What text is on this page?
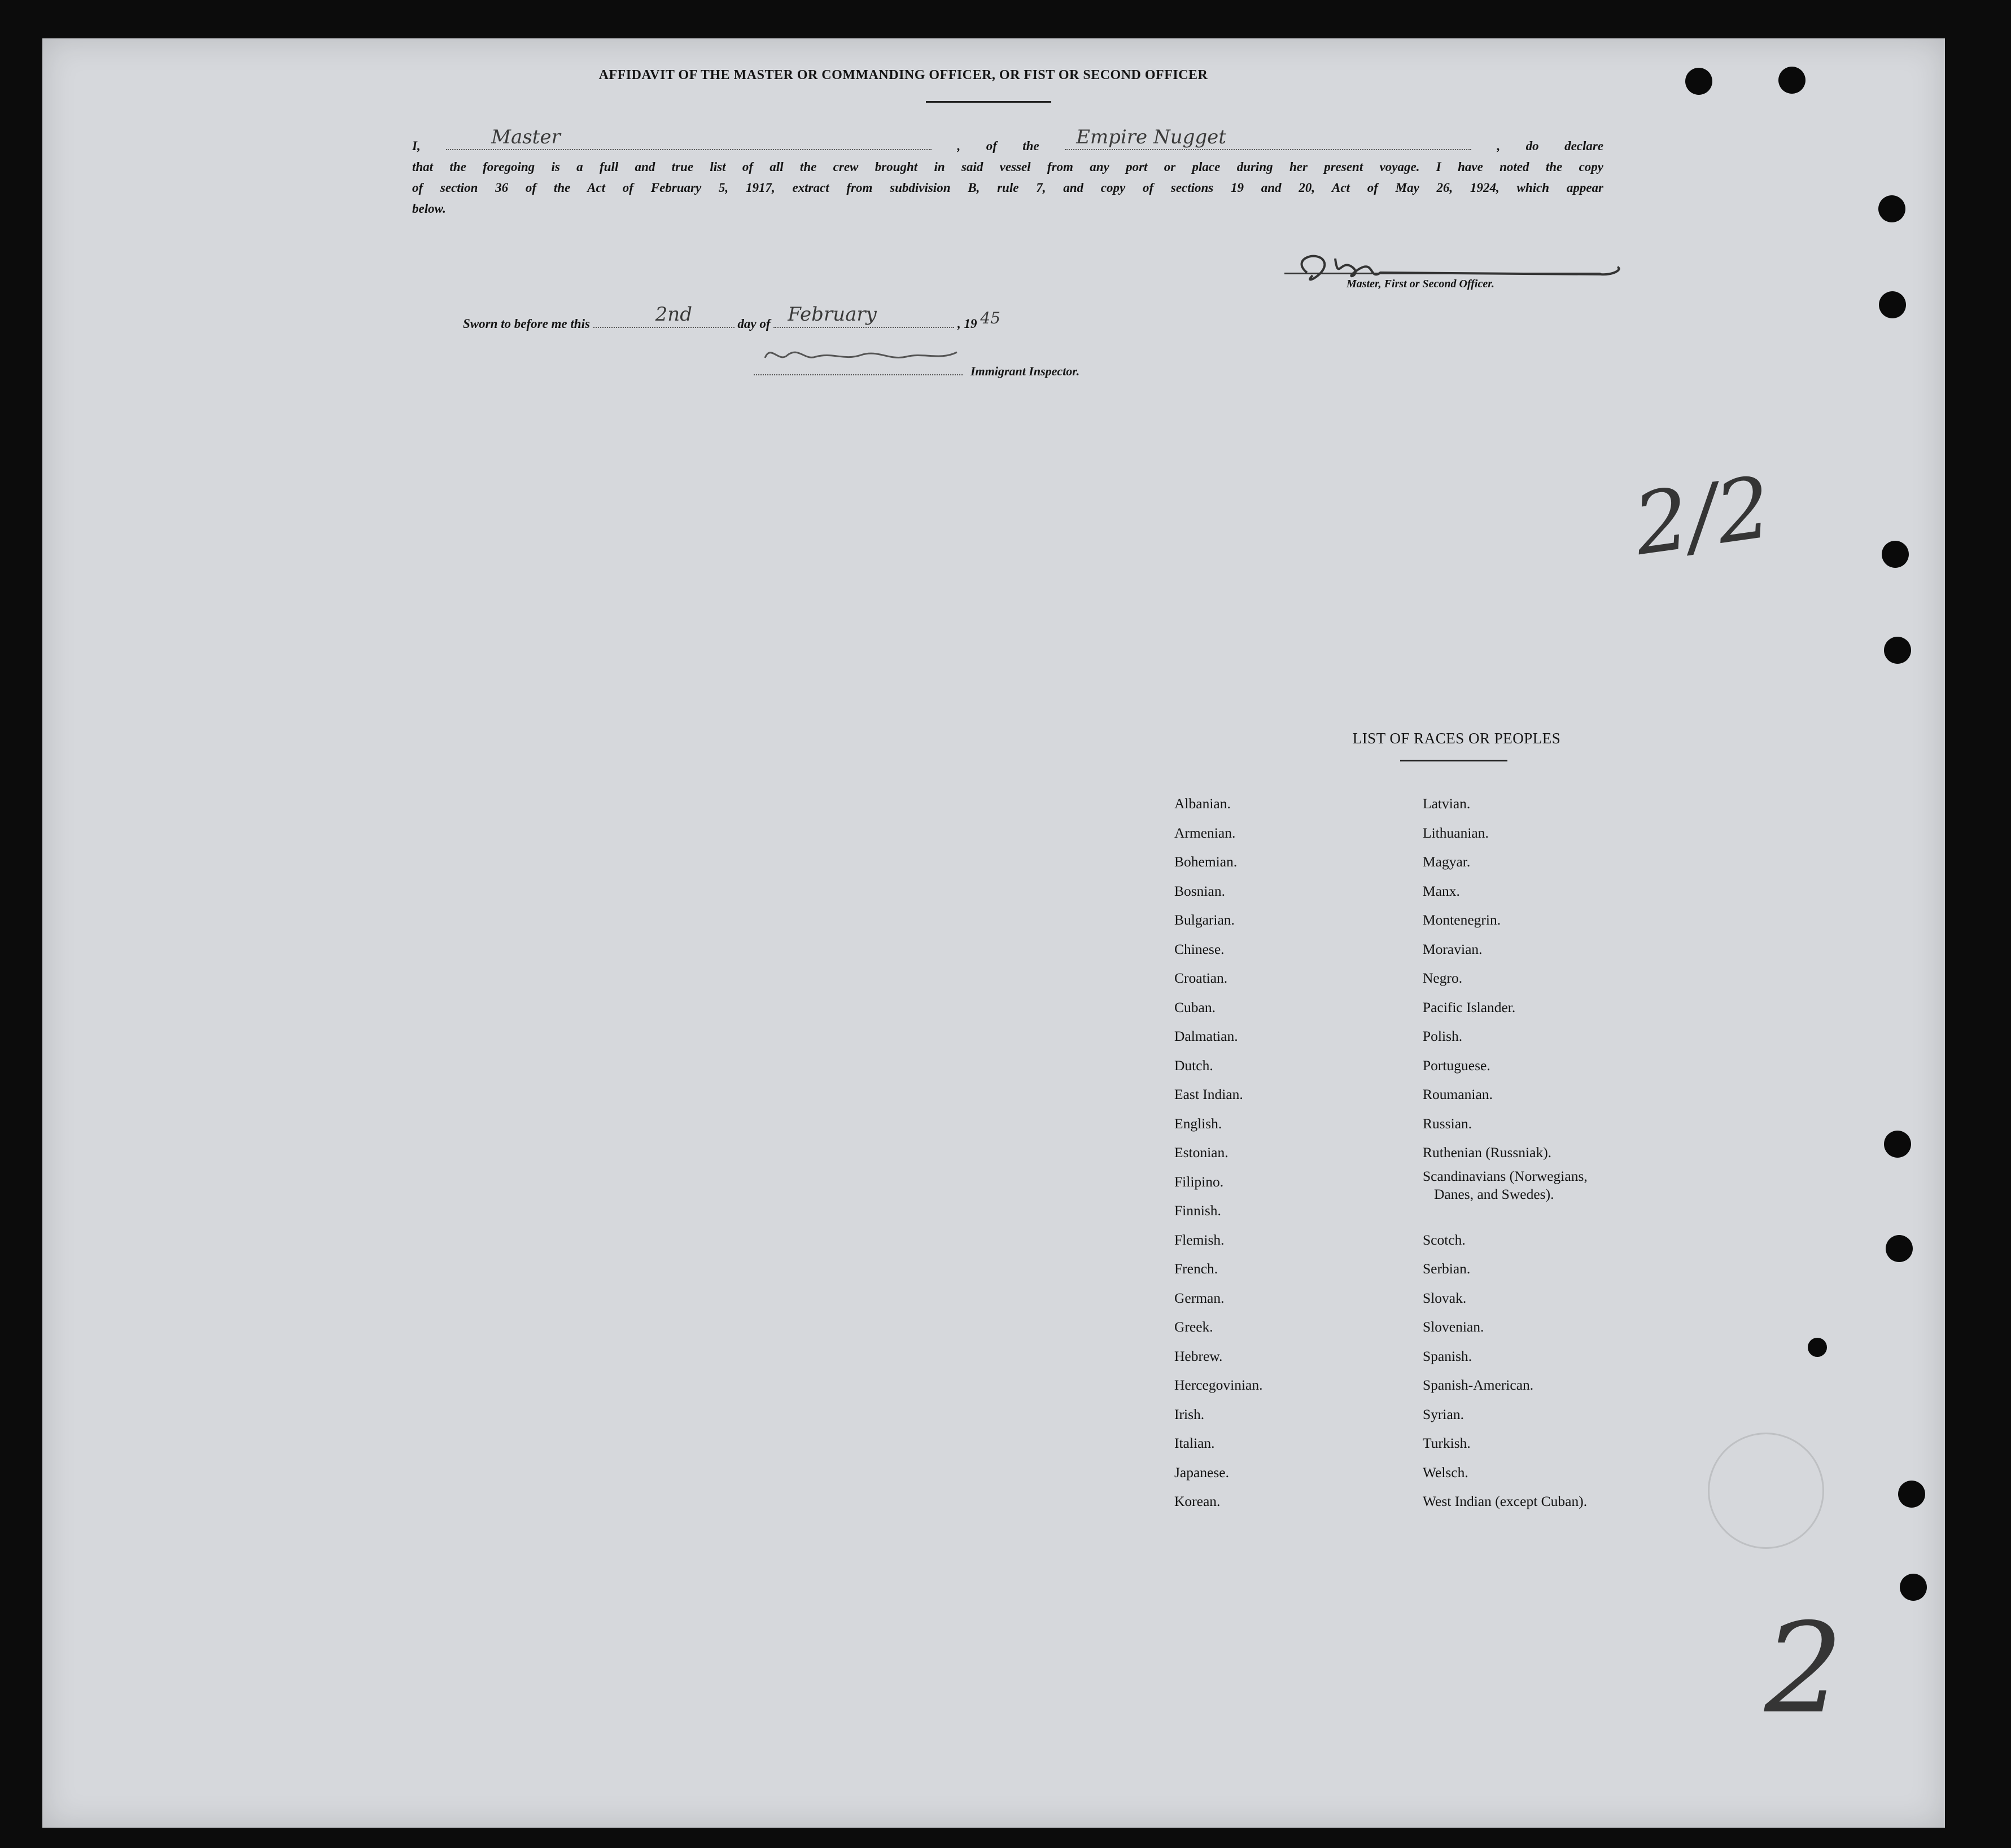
AFFIDAVIT OF THE MASTER OR COMMANDING OFFICER, OR FIST OR SECOND OFFICER
I,	Master	, of the Empire Nugget	, do declare
that the foregoing is a full and true list of all the crew brought in said vessel from any port or place during her present voyage. I have noted the copy
of section 36 of the Act of February 5, 1917, extract from subdivision B, rule 7, and copy of sections 19 and 20, Act of May 26, 1924, which appear
below.
Master, First or Second Officer.
Sworn to before me this	2nd	day of February	, 19 45
Immigrant Inspector.
2/2
2
LIST OF RACES OR PEOPLES
Albanian.
Armenian.
Bohemian.
Bosnian.
Bulgarian.
Chinese.
Croatian.
Cuban.
Dalmatian.
Dutch.
East Indian.
English.
Estonian.
Filipino.
Finnish.
Flemish.
French.
German.
Greek.
Hebrew.
Hercegovinian.
Irish.
Italian.
Japanese.
Korean.
Latvian.
Lithuanian.
Magyar.
Manx.
Montenegrin.
Moravian.
Negro.
Pacific Islander.
Polish.
Portuguese.
Roumanian.
Russian.
Ruthenian (Russniak).
Scandinavians (Norwegians,
Danes, and Swedes).
Scotch.
Serbian.
Slovak.
Slovenian.
Spanish.
Spanish-American.
Syrian.
Turkish.
Welsch.
West Indian (except Cuban).
